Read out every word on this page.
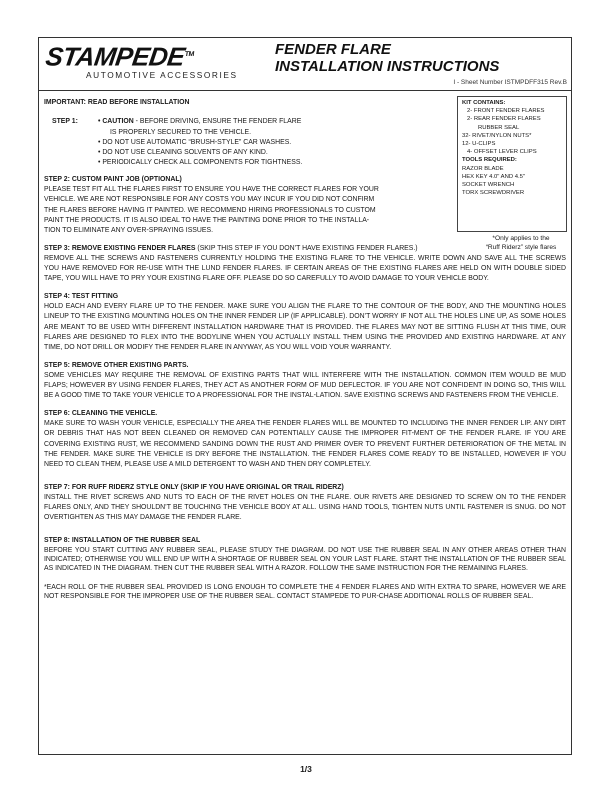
STAMPEDE™
AUTOMOTIVE ACCESSORIES
FENDER FLARE
INSTALLATION INSTRUCTIONS
I - Sheet Number ISTMPDFF315 Rev.B
KIT CONTAINS:
2- FRONT FENDER FLARES
2- REAR FENDER FLARES
RUBBER SEAL
32- RIVET/NYLON NUTS*
12- U-CLIPS
4- OFFSET LEVER CLIPS
TOOLS REQUIRED:
RAZOR BLADE
HEX KEY 4.0" AND 4.5"
SOCKET WRENCH
TORX SCREWDRIVER
*Only applies to the
“Ruff Riderz” style flares
IMPORTANT: READ BEFORE INSTALLATION
STEP 1:	• CAUTION - BEFORE DRIVING, ENSURE THE FENDER FLARE
IS PROPERLY SECURED TO THE VEHICLE.
• DO NOT USE AUTOMATIC “BRUSH-STYLE” CAR WASHES.
• DO NOT USE CLEANING SOLVENTS OF ANY KIND.
• PERIODICALLY CHECK ALL COMPONENTS FOR TIGHTNESS.
STEP 2: CUSTOM PAINT JOB (OPTIONAL)
PLEASE TEST FIT ALL THE FLARES FIRST TO ENSURE YOU HAVE THE CORRECT FLARES FOR YOUR
VEHICLE. WE ARE NOT RESPONSIBLE FOR ANY COSTS YOU MAY INCUR IF YOU DID NOT CONFIRM
THE FLARES BEFORE HAVING IT PAINTED. WE RECOMMEND HIRING PROFESSIONALS TO CUSTOM
PAINT THE PRODUCTS. IT IS ALSO IDEAL TO HAVE THE PAINTING DONE PRIOR TO THE INSTALLA-
TION TO ELIMINATE ANY OVER-SPRAYING ISSUES.
STEP 3: REMOVE EXISTING FENDER FLARES (SKIP THIS STEP IF YOU DON’T HAVE EXISTING FENDER FLARES.)

REMOVE ALL THE SCREWS AND FASTENERS CURRENTLY HOLDING THE EXISTING FLARE TO THE VEHICLE. WRITE DOWN AND SAVE ALL THE SCREWS YOU HAVE REMOVED FOR RE-USE WITH THE LUND FENDER FLARES. IF CERTAIN AREAS OF THE EXISTING FLARES ARE HELD ON WITH DOUBLE SIDED TAPE, YOU WILL HAVE TO PRY YOUR EXISTING FLARE OFF. PLEASE DO SO CAREFULLY TO AVOID DAMAGE TO YOUR VEHICLE BODY.

STEP 4: TEST FITTING

HOLD EACH AND EVERY FLARE UP TO THE FENDER. MAKE SURE YOU ALIGN THE FLARE TO THE CONTOUR OF THE BODY, AND THE MOUNTING HOLES LINEUP TO THE EXISTING MOUNTING HOLES ON THE INNER FENDER LIP (IF APPLICABLE). DON’T WORRY IF NOT ALL THE HOLES LINE UP, AS SOME HOLES ARE MEANT TO BE USED WITH DIFFERENT INSTALLATION HARDWARE THAT IS PROVIDED. THE FLARES MAY NOT BE SITTING FLUSH AT THIS TIME, OUR FLARES ARE DESIGNED TO FLEX INTO THE BODYLINE WHEN YOU ACTUALLY INSTALL THEM USING THE PROVIDED AND EXISTING HARDWARE. AT ANY TIME, DO NOT DRILL OR MODIFY THE FENDER FLARE IN ANYWAY, AS YOU WILL VOID YOUR WARRANTY.

STEP 5: REMOVE OTHER EXISTING PARTS.

SOME VEHICLES MAY REQUIRE THE REMOVAL OF EXISTING PARTS THAT WILL INTERFERE WITH THE INSTALLATION. COMMON ITEM WOULD BE MUD FLAPS; HOWEVER BY USING FENDER FLARES, THEY ACT AS ANOTHER FORM OF MUD DEFLECTOR. IF YOU ARE NOT CONFIDENT IN DOING SO, THIS WILL BE A GOOD TIME TO TAKE YOUR VEHICLE TO A PROFESSIONAL FOR THE INSTAL-LATION. SAVE EXISTING SCREWS AND FASTENERS FROM THE VEHICLE.

STEP 6: CLEANING THE VEHICLE.

MAKE SURE TO WASH YOUR VEHICLE, ESPECIALLY THE AREA THE FENDER FLARES WILL BE MOUNTED TO INCLUDING THE INNER FENDER LIP. ANY DIRT OR DEBRIS THAT HAS NOT BEEN CLEANED OR REMOVED CAN POTENTIALLY CAUSE THE IMPROPER FIT-MENT OF THE FENDER FLARE. IF YOU ARE COVERING EXISTING RUST, WE RECOMMEND SANDING DOWN THE RUST AND PRIMER OVER TO PREVENT FURTHER DETERIORATION OF THE METAL IN THE FENDER. MAKE SURE THE VEHICLE IS DRY BEFORE THE INSTALLATION. THE FENDER FLARES COME READY TO BE INSTALLED, HOWEVER IF YOU NEED TO CLEAN THEM, PLEASE USE A MILD DETERGENT TO WASH AND THEN DRY COMPLETELY.

STEP 7: FOR RUFF RIDERZ STYLE ONLY (SKIP IF YOU HAVE ORIGINAL OR TRAIL RIDERZ)

INSTALL THE RIVET SCREWS AND NUTS TO EACH OF THE RIVET HOLES ON THE FLARE. OUR RIVETS ARE DESIGNED TO SCREW ON TO THE FENDER FLARES ONLY, AND THEY SHOULDN’T BE TOUCHING THE VEHICLE BODY AT ALL. USING HAND TOOLS, TIGHTEN NUTS UNTIL FASTENER IS SNUG. DO NOT OVERTIGHTEN AS THIS MAY DAMAGE THE FENDER FLARE.

STEP 8: INSTALLATION OF THE RUBBER SEAL

BEFORE YOU START CUTTING ANY RUBBER SEAL, PLEASE STUDY THE DIAGRAM. DO NOT USE THE RUBBER SEAL IN ANY OTHER AREAS OTHER THAN INDICATED; OTHERWISE YOU WILL END UP WITH A SHORTAGE OF RUBBER SEAL ON YOUR LAST FLARE. START THE INSTALLATION OF THE RUBBER SEAL AS INDICATED IN THE DIAGRAM. THEN CUT THE RUBBER SEAL WITH A RAZOR. FOLLOW THE SAME INSTRUCTION FOR THE REMAINING FLARES.

*EACH ROLL OF THE RUBBER SEAL PROVIDED IS LONG ENOUGH TO COMPLETE THE 4 FENDER FLARES AND WITH EXTRA TO SPARE, HOWEVER WE ARE NOT RESPONSIBLE FOR THE IMPROPER USE OF THE RUBBER SEAL. CONTACT STAMPEDE TO PUR-CHASE ADDITIONAL ROLLS OF RUBBER SEAL.

1/3
